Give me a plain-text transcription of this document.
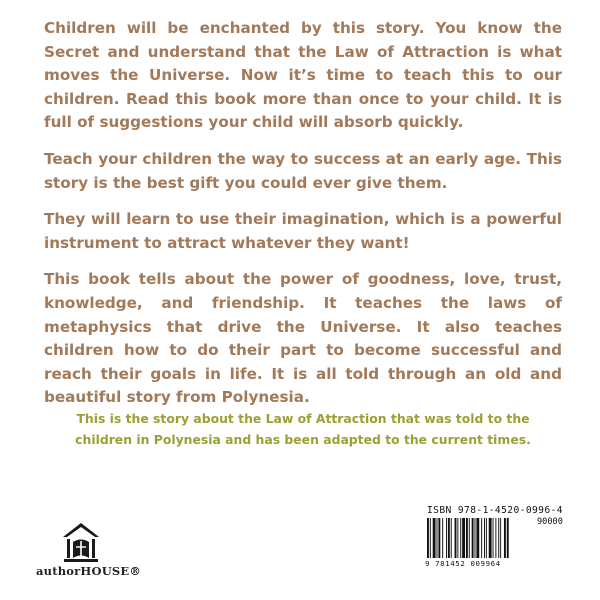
Children will be enchanted by this story. You know the Secret and understand that the Law of Attraction is what moves the Universe. Now it’s time to teach this to our children. Read this book more than once to your child. It is full of suggestions your child will absorb quickly.

Teach your children the way to success at an early age. This story is the best gift you could ever give them.

They will learn to use their imagination, which is a powerful instrument to attract whatever they want!

This book tells about the power of goodness, love, trust, knowledge, and friendship. It teaches the laws of metaphysics that drive the Universe. It also teaches children how to do their part to become successful and reach their goals in life. It is all told through an old and beautiful story from Polynesia.

This is the story about the Law of Attraction that was told to the children in Polynesia and has been adapted to the current times.
authorHOUSE®
ISBN 978-1-4520-0996-4
90000
9 781452 009964
